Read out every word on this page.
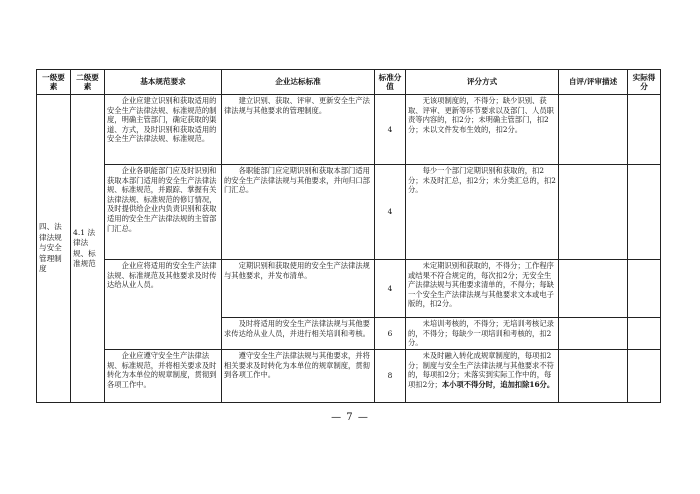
一级要素	二级要素	基本规范要求	企业达标标准	标准分值	评分方式	自评/评审描述	实际得分
四、法律法规与安全管理制度	4.1 法律法规、标准规范	企业应建立识别和获取适用的安全生产法律法规、标准规范的制度，明确主管部门，确定获取的渠道、方式，及时识别和获取适用的安全生产法律法规、标准规范。	建立识别、获取、评审、更新安全生产法律法规与其他要求的管理制度。	4	无该项制度的，不得分；缺少识别、获取、评审、更新等环节要求以及部门、人员职责等内容的，扣2分；未明确主管部门，扣2分；未以文件发布生效的，扣2分。		
		企业各职能部门应及时识别和获取本部门适用的安全生产法律法规、标准规范，并跟踪、掌握有关法律法规、标准规范的修订情况，及时提供给企业内负责识别和获取适用的安全生产法律法规的主管部门汇总。	各职能部门应定期识别和获取本部门适用的安全生产法律法规与其他要求，并向归口部门汇总。	4	每少一个部门定期识别和获取的，扣2分；未及时汇总，扣2分；未分类汇总的，扣2分。		
		企业应将适用的安全生产法律法规、标准规范及其他要求及时传达给从业人员。	定期识别和获取使用的安全生产法律法规与其他要求，并发布清单。	4	未定期识别和获取的，不得分；工作程序或结果不符合规定的，每次扣2分；无安全生产法律法规与其他要求清单的，不得分；每缺一个安全生产法律法规与其他要求文本或电子版的，扣2分。		
			及时将适用的安全生产法律法规与其他要求传达给从业人员，并进行相关培训和考核。	6	未培训考核的，不得分；无培训考核记录的，不得分；每缺少一项培训和考核的，扣2分。		
		企业应遵守安全生产法律法规、标准规范，并将相关要求及时转化为本单位的规章制度，贯彻到各项工作中。	遵守安全生产法律法规与其他要求，并将相关要求及时转化为本单位的规章制度，贯彻到各项工作中。	8	未及时融入转化成规章制度的，每项扣2分；制度与安全生产法律法规与其他要求不符的，每项扣2分；未落实到实际工作中的，每项扣2分；本小项不得分时，追加扣除16分。		
— 7 —
